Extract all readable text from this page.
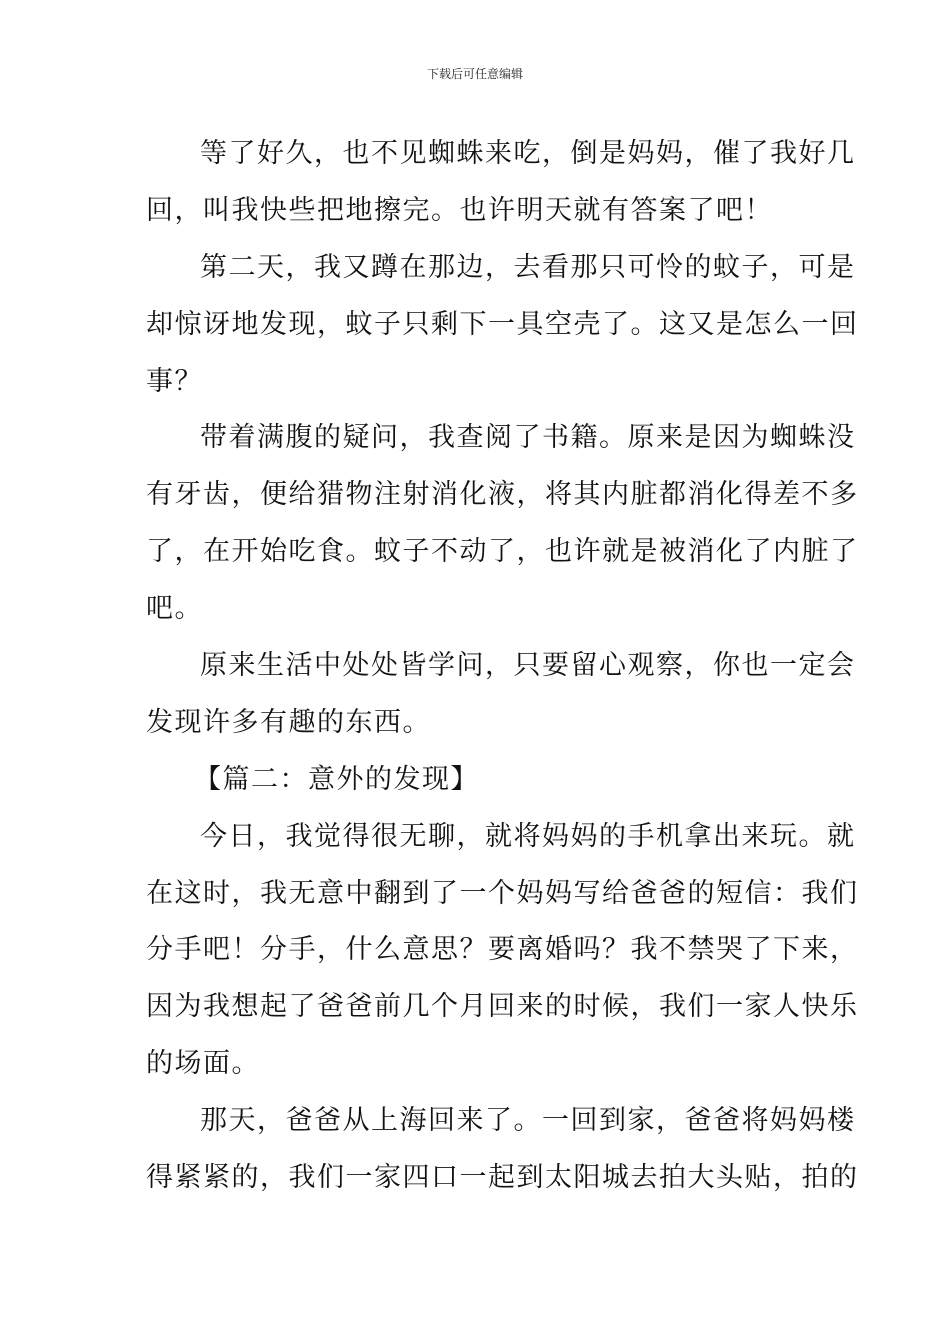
下载后可任意编辑
等了好久，也不见蜘蛛来吃，倒是妈妈，催了我好几
回，叫我快些把地擦完。也许明天就有答案了吧！
第二天，我又蹲在那边，去看那只可怜的蚊子，可是
却惊讶地发现，蚊子只剩下一具空壳了。这又是怎么一回
事？
带着满腹的疑问，我查阅了书籍。原来是因为蜘蛛没
有牙齿，便给猎物注射消化液，将其内脏都消化得差不多
了，在开始吃食。蚊子不动了，也许就是被消化了内脏了
吧。
原来生活中处处皆学问，只要留心观察，你也一定会
发现许多有趣的东西。
【篇二：意外的发现】
今日，我觉得很无聊，就将妈妈的手机拿出来玩。就
在这时，我无意中翻到了一个妈妈写给爸爸的短信：我们
分手吧！分手，什么意思？要离婚吗？我不禁哭了下来，
因为我想起了爸爸前几个月回来的时候，我们一家人快乐
的场面。
那天，爸爸从上海回来了。一回到家，爸爸将妈妈楼
得紧紧的，我们一家四口一起到太阳城去拍大头贴，拍的
